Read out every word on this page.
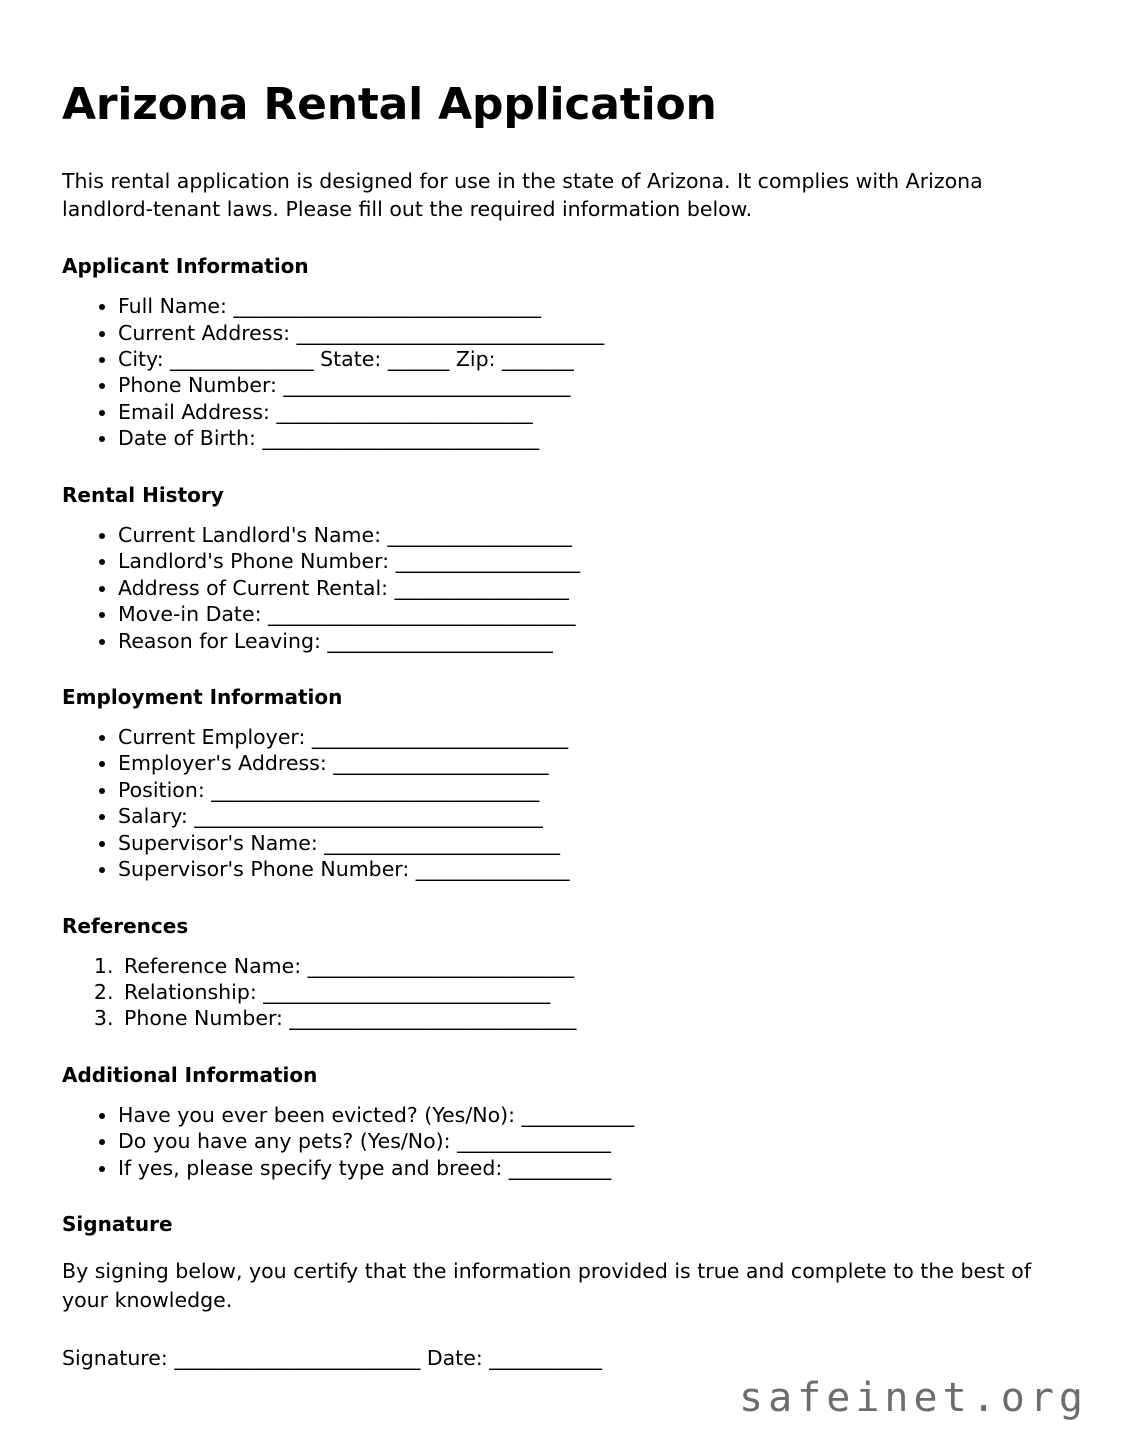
Arizona Rental Application

This rental application is designed for use in the state of Arizona. It complies with Arizona landlord-tenant laws. Please fill out the required information below.

Applicant Information
• Full Name: ______________________________
• Current Address: ______________________________
• City: ______________ State: ______ Zip: _______
• Phone Number: ____________________________
• Email Address: _________________________
• Date of Birth: ___________________________
Rental History
• Current Landlord's Name: __________________
• Landlord's Phone Number: __________________
• Address of Current Rental: _________________
• Move-in Date: ______________________________
• Reason for Leaving: ______________________
Employment Information
• Current Employer: _________________________
• Employer's Address: _____________________
• Position: ________________________________
• Salary: __________________________________
• Supervisor's Name: _______________________
• Supervisor's Phone Number: _______________
References
1. Reference Name: __________________________
2. Relationship: ____________________________
3. Phone Number: ____________________________
Additional Information
• Have you ever been evicted? (Yes/No): ___________
• Do you have any pets? (Yes/No): _______________
• If yes, please specify type and breed: __________
Signature

By signing below, you certify that the information provided is true and complete to the best of your knowledge.

Signature: ________________________ Date: ___________

safeinet.org
